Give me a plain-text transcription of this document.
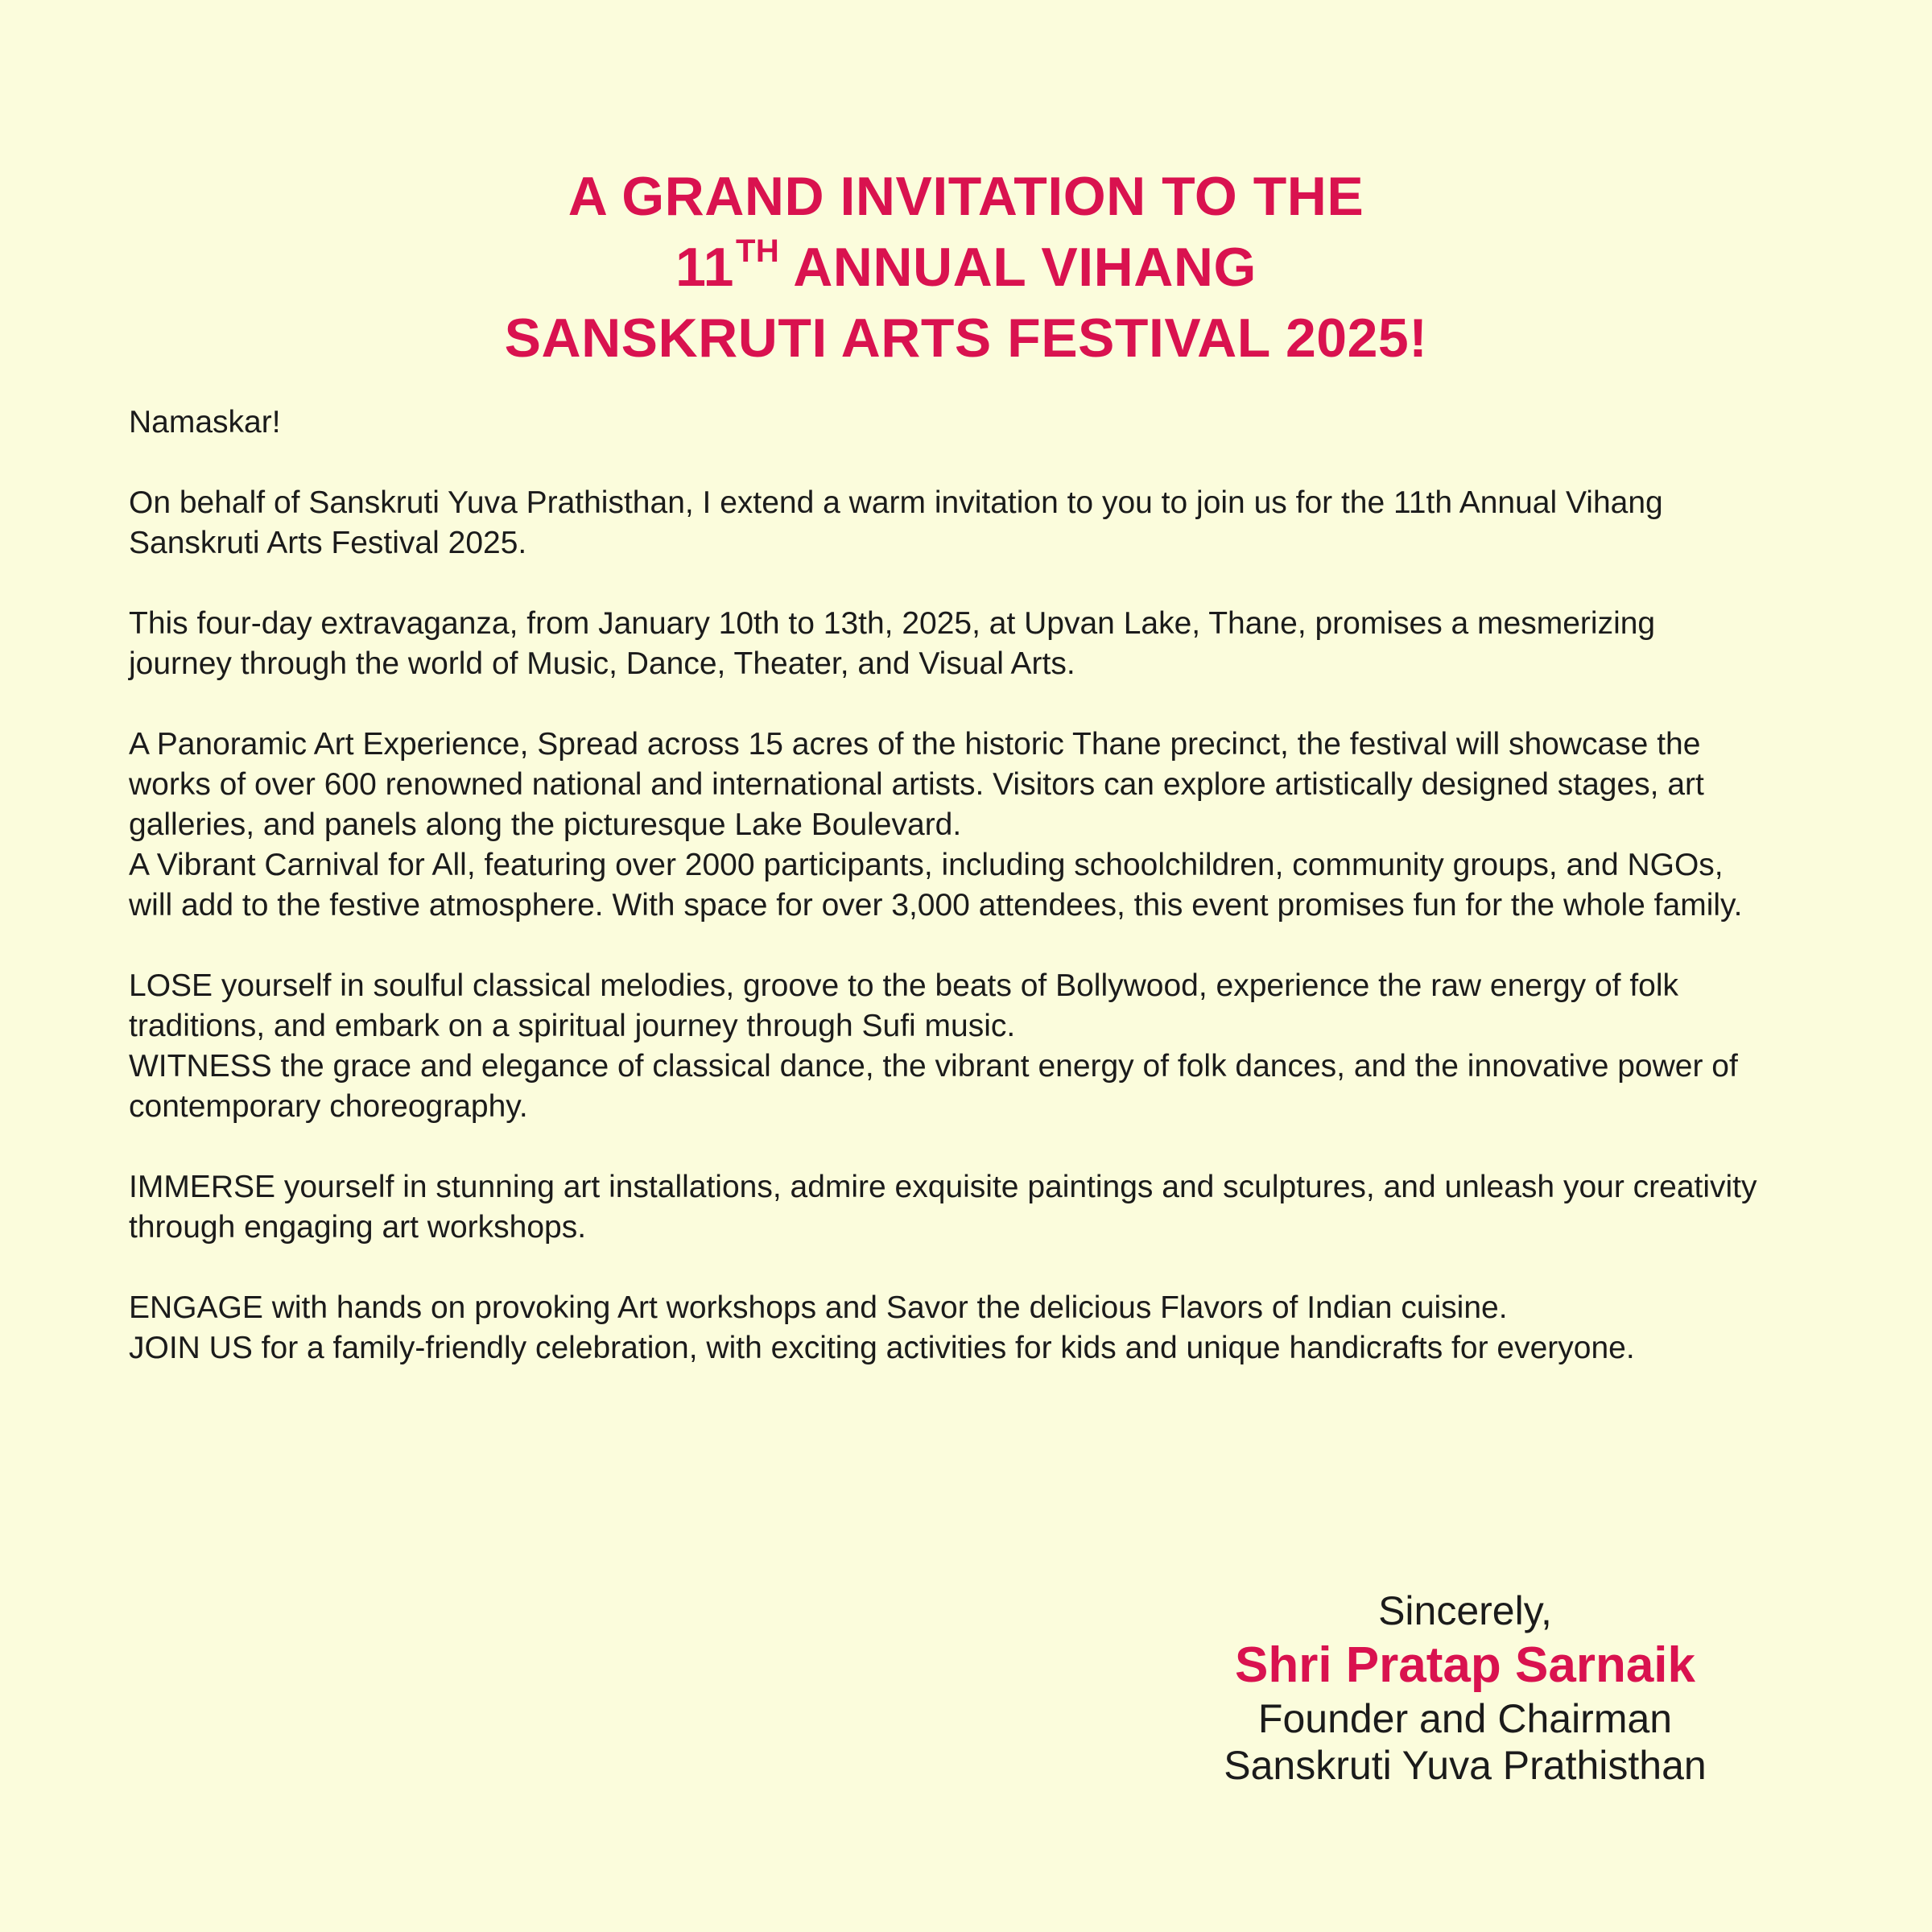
A GRAND INVITATION TO THE
11TH ANNUAL VIHANG
SANSKRUTI ARTS FESTIVAL 2025!

Namaskar!

On behalf of Sanskruti Yuva Prathisthan, I extend a warm invitation to you to join us for the 11th Annual Vihang Sanskruti Arts Festival 2025.

This four-day extravaganza, from January 10th to 13th, 2025, at Upvan Lake, Thane, promises a mesmerizing journey through the world of Music, Dance, Theater, and Visual Arts.

A Panoramic Art Experience, Spread across 15 acres of the historic Thane precinct, the festival will showcase the works of over 600 renowned national and international artists. Visitors can explore artistically designed stages, art galleries, and panels along the picturesque Lake Boulevard.

A Vibrant Carnival for All, featuring over 2000 participants, including schoolchildren, community groups, and NGOs, will add to the festive atmosphere. With space for over 3,000 attendees, this event promises fun for the whole family.

LOSE yourself in soulful classical melodies, groove to the beats of Bollywood, experience the raw energy of folk traditions, and embark on a spiritual journey through Sufi music.

WITNESS the grace and elegance of classical dance, the vibrant energy of folk dances, and the innovative power of contemporary choreography.

IMMERSE yourself in stunning art installations, admire exquisite paintings and sculptures, and unleash your creativity through engaging art workshops.

ENGAGE with hands on provoking Art workshops and Savor the delicious Flavors of Indian cuisine.

JOIN US for a family-friendly celebration, with exciting activities for kids and unique handicrafts for everyone.

Sincerely,
Shri Pratap Sarnaik
Founder and Chairman
Sanskruti Yuva Prathisthan
